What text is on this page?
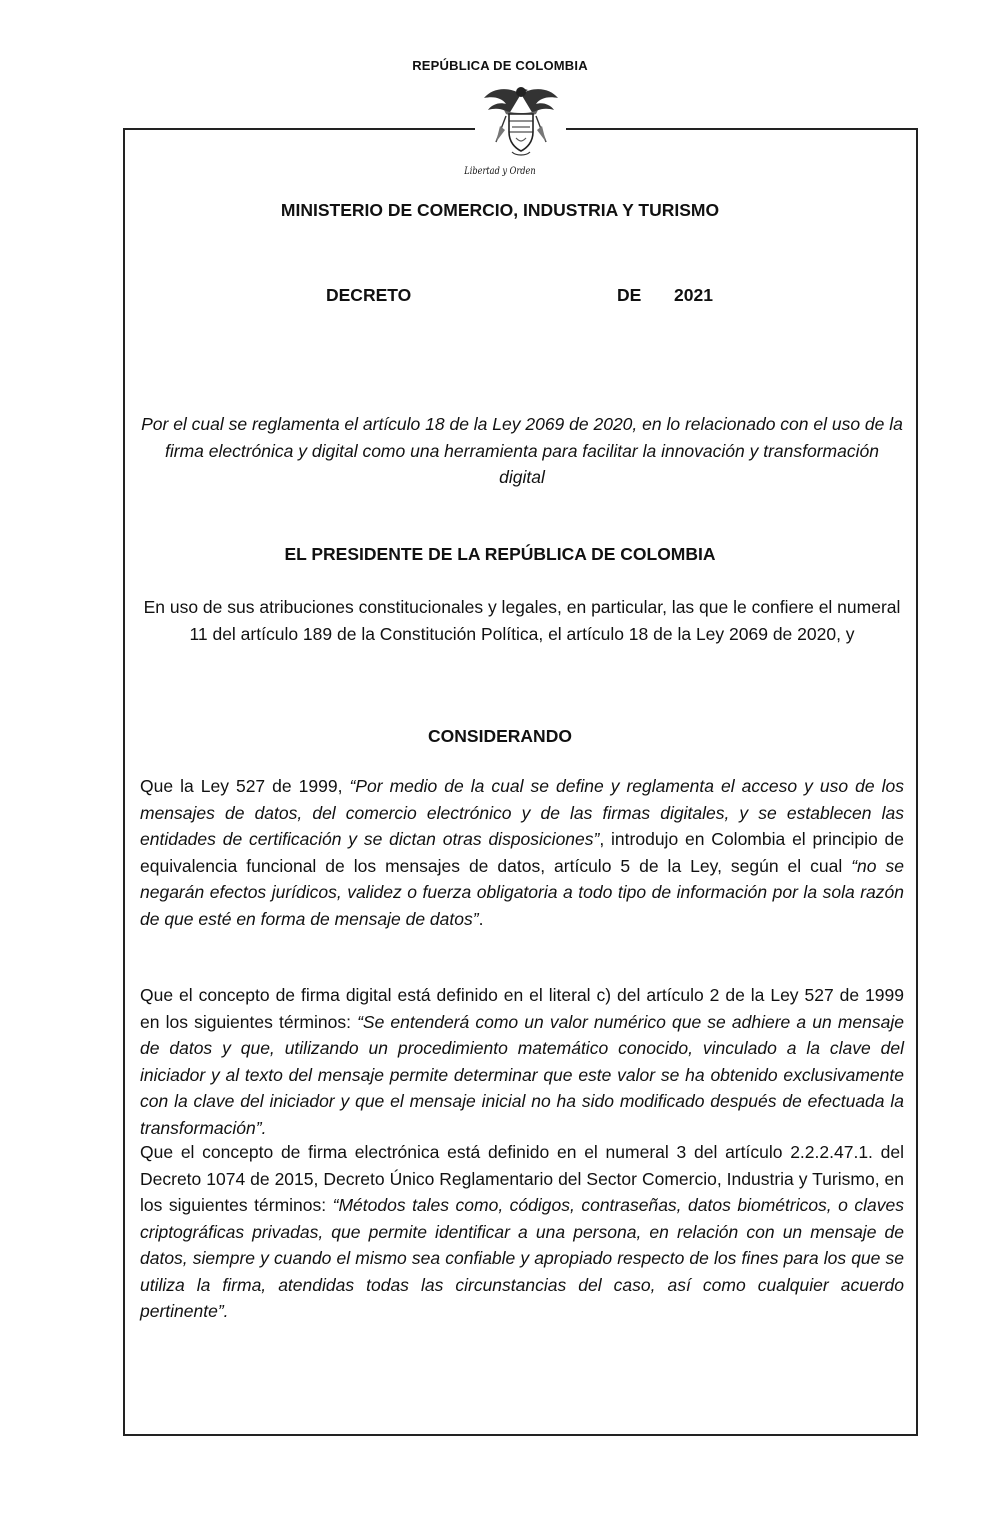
REPÚBLICA DE COLOMBIA
Libertad y Orden
MINISTERIO DE COMERCIO, INDUSTRIA Y TURISMO
DECRETO	DE 2021
Por el cual se reglamenta el artículo 18 de la Ley 2069 de 2020, en lo relacionado con el uso de la firma electrónica y digital como una herramienta para facilitar la innovación y transformación digital
EL PRESIDENTE DE LA REPÚBLICA DE COLOMBIA
En uso de sus atribuciones constitucionales y legales, en particular, las que le confiere el numeral 11 del artículo 189 de la Constitución Política, el artículo 18 de la Ley 2069 de 2020, y
CONSIDERANDO
Que la Ley 527 de 1999, “Por medio de la cual se define y reglamenta el acceso y uso de los mensajes de datos, del comercio electrónico y de las firmas digitales, y se establecen las entidades de certificación y se dictan otras disposiciones”, introdujo en Colombia el principio de equivalencia funcional de los mensajes de datos, artículo 5 de la Ley, según el cual “no se negarán efectos jurídicos, validez o fuerza obligatoria a todo tipo de información por la sola razón de que esté en forma de mensaje de datos”.
Que el concepto de firma digital está definido en el literal c) del artículo 2 de la Ley 527 de 1999 en los siguientes términos: “Se entenderá como un valor numérico que se adhiere a un mensaje de datos y que, utilizando un procedimiento matemático conocido, vinculado a la clave del iniciador y al texto del mensaje permite determinar que este valor se ha obtenido exclusivamente con la clave del iniciador y que el mensaje inicial no ha sido modificado después de efectuada la transformación”.
Que el concepto de firma electrónica está definido en el numeral 3 del artículo 2.2.2.47.1. del Decreto 1074 de 2015, Decreto Único Reglamentario del Sector Comercio, Industria y Turismo, en los siguientes términos: “Métodos tales como, códigos, contraseñas, datos biométricos, o claves criptográficas privadas, que permite identificar a una persona, en relación con un mensaje de datos, siempre y cuando el mismo sea confiable y apropiado respecto de los fines para los que se utiliza la firma, atendidas todas las circunstancias del caso, así como cualquier acuerdo pertinente”.
